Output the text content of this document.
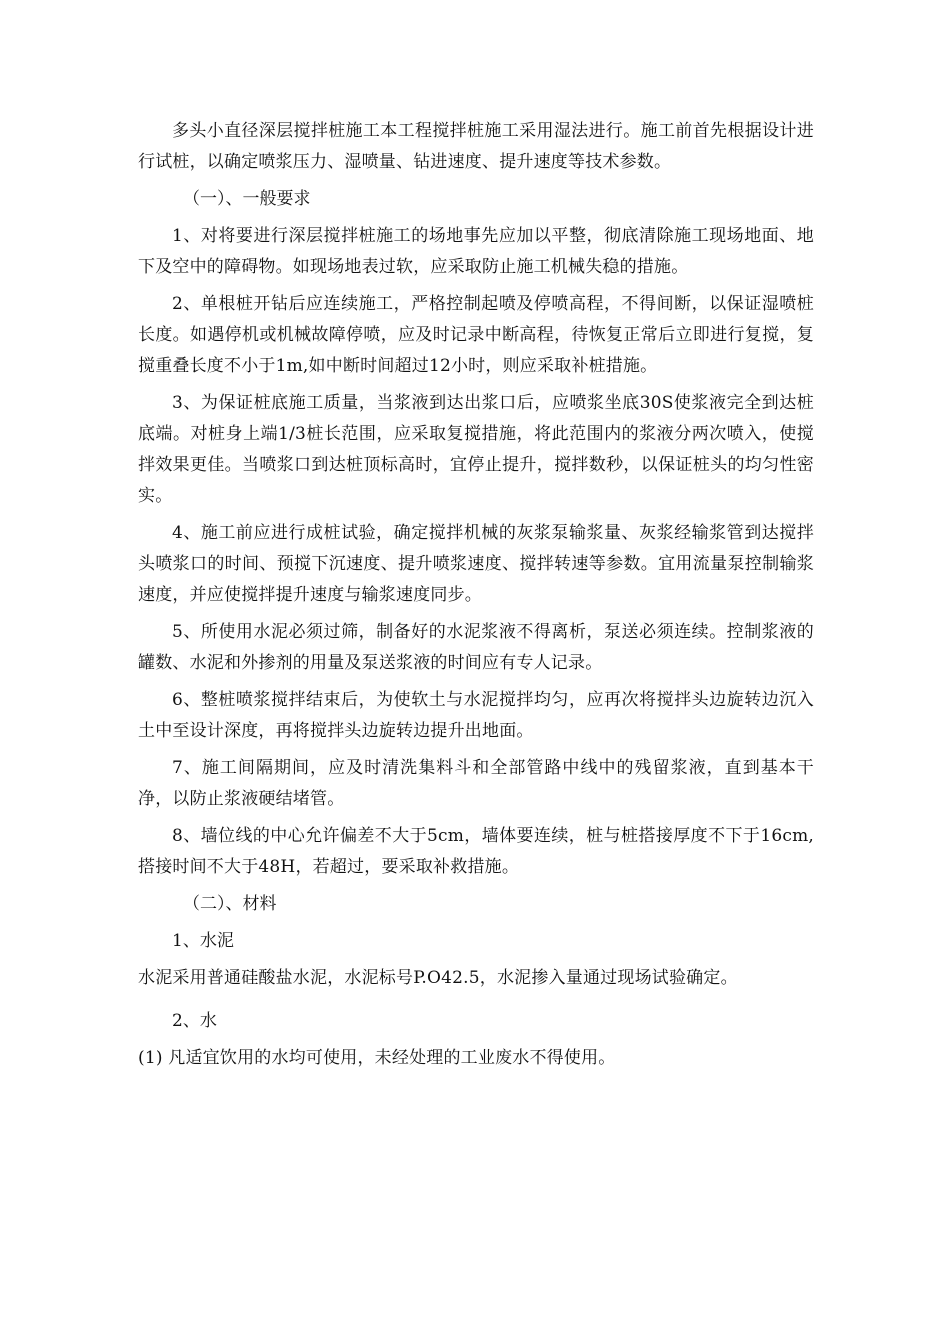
多头小直径深层搅拌桩施工本工程搅拌桩施工采用湿法进行。施工前首先根据设计进行试桩，以确定喷浆压力、湿喷量、钻进速度、提升速度等技术参数。

（一）、一般要求

1、对将要进行深层搅拌桩施工的场地事先应加以平整，彻底清除施工现场地面、地下及空中的障碍物。如现场地表过软，应采取防止施工机械失稳的措施。

2、单根桩开钻后应连续施工，严格控制起喷及停喷高程，不得间断，以保证湿喷桩长度。如遇停机或机械故障停喷，应及时记录中断高程，待恢复正常后立即进行复搅，复搅重叠长度不小于1m,如中断时间超过12小时，则应采取补桩措施。

3、为保证桩底施工质量，当浆液到达出浆口后，应喷浆坐底30S使浆液完全到达桩底端。对桩身上端1/3桩长范围，应采取复搅措施，将此范围内的浆液分两次喷入，使搅拌效果更佳。当喷浆口到达桩顶标高时，宜停止提升，搅拌数秒，以保证桩头的均匀性密实。

4、施工前应进行成桩试验，确定搅拌机械的灰浆泵输浆量、灰浆经输浆管到达搅拌头喷浆口的时间、预搅下沉速度、提升喷浆速度、搅拌转速等参数。宜用流量泵控制输浆速度，并应使搅拌提升速度与输浆速度同步。

5、所使用水泥必须过筛，制备好的水泥浆液不得离析，泵送必须连续。控制浆液的罐数、水泥和外掺剂的用量及泵送浆液的时间应有专人记录。

6、整桩喷浆搅拌结束后，为使软土与水泥搅拌均匀，应再次将搅拌头边旋转边沉入土中至设计深度，再将搅拌头边旋转边提升出地面。

7、施工间隔期间，应及时清洗集料斗和全部管路中线中的残留浆液，直到基本干净，以防止浆液硬结堵管。

8、墙位线的中心允许偏差不大于5cm，墙体要连续，桩与桩搭接厚度不下于16cm,搭接时间不大于48H，若超过，要采取补救措施。

（二）、材料

1、水泥

水泥采用普通硅酸盐水泥，水泥标号P.O42.5，水泥掺入量通过现场试验确定。

2、水

(1) 凡适宜饮用的水均可使用，未经处理的工业废水不得使用。
